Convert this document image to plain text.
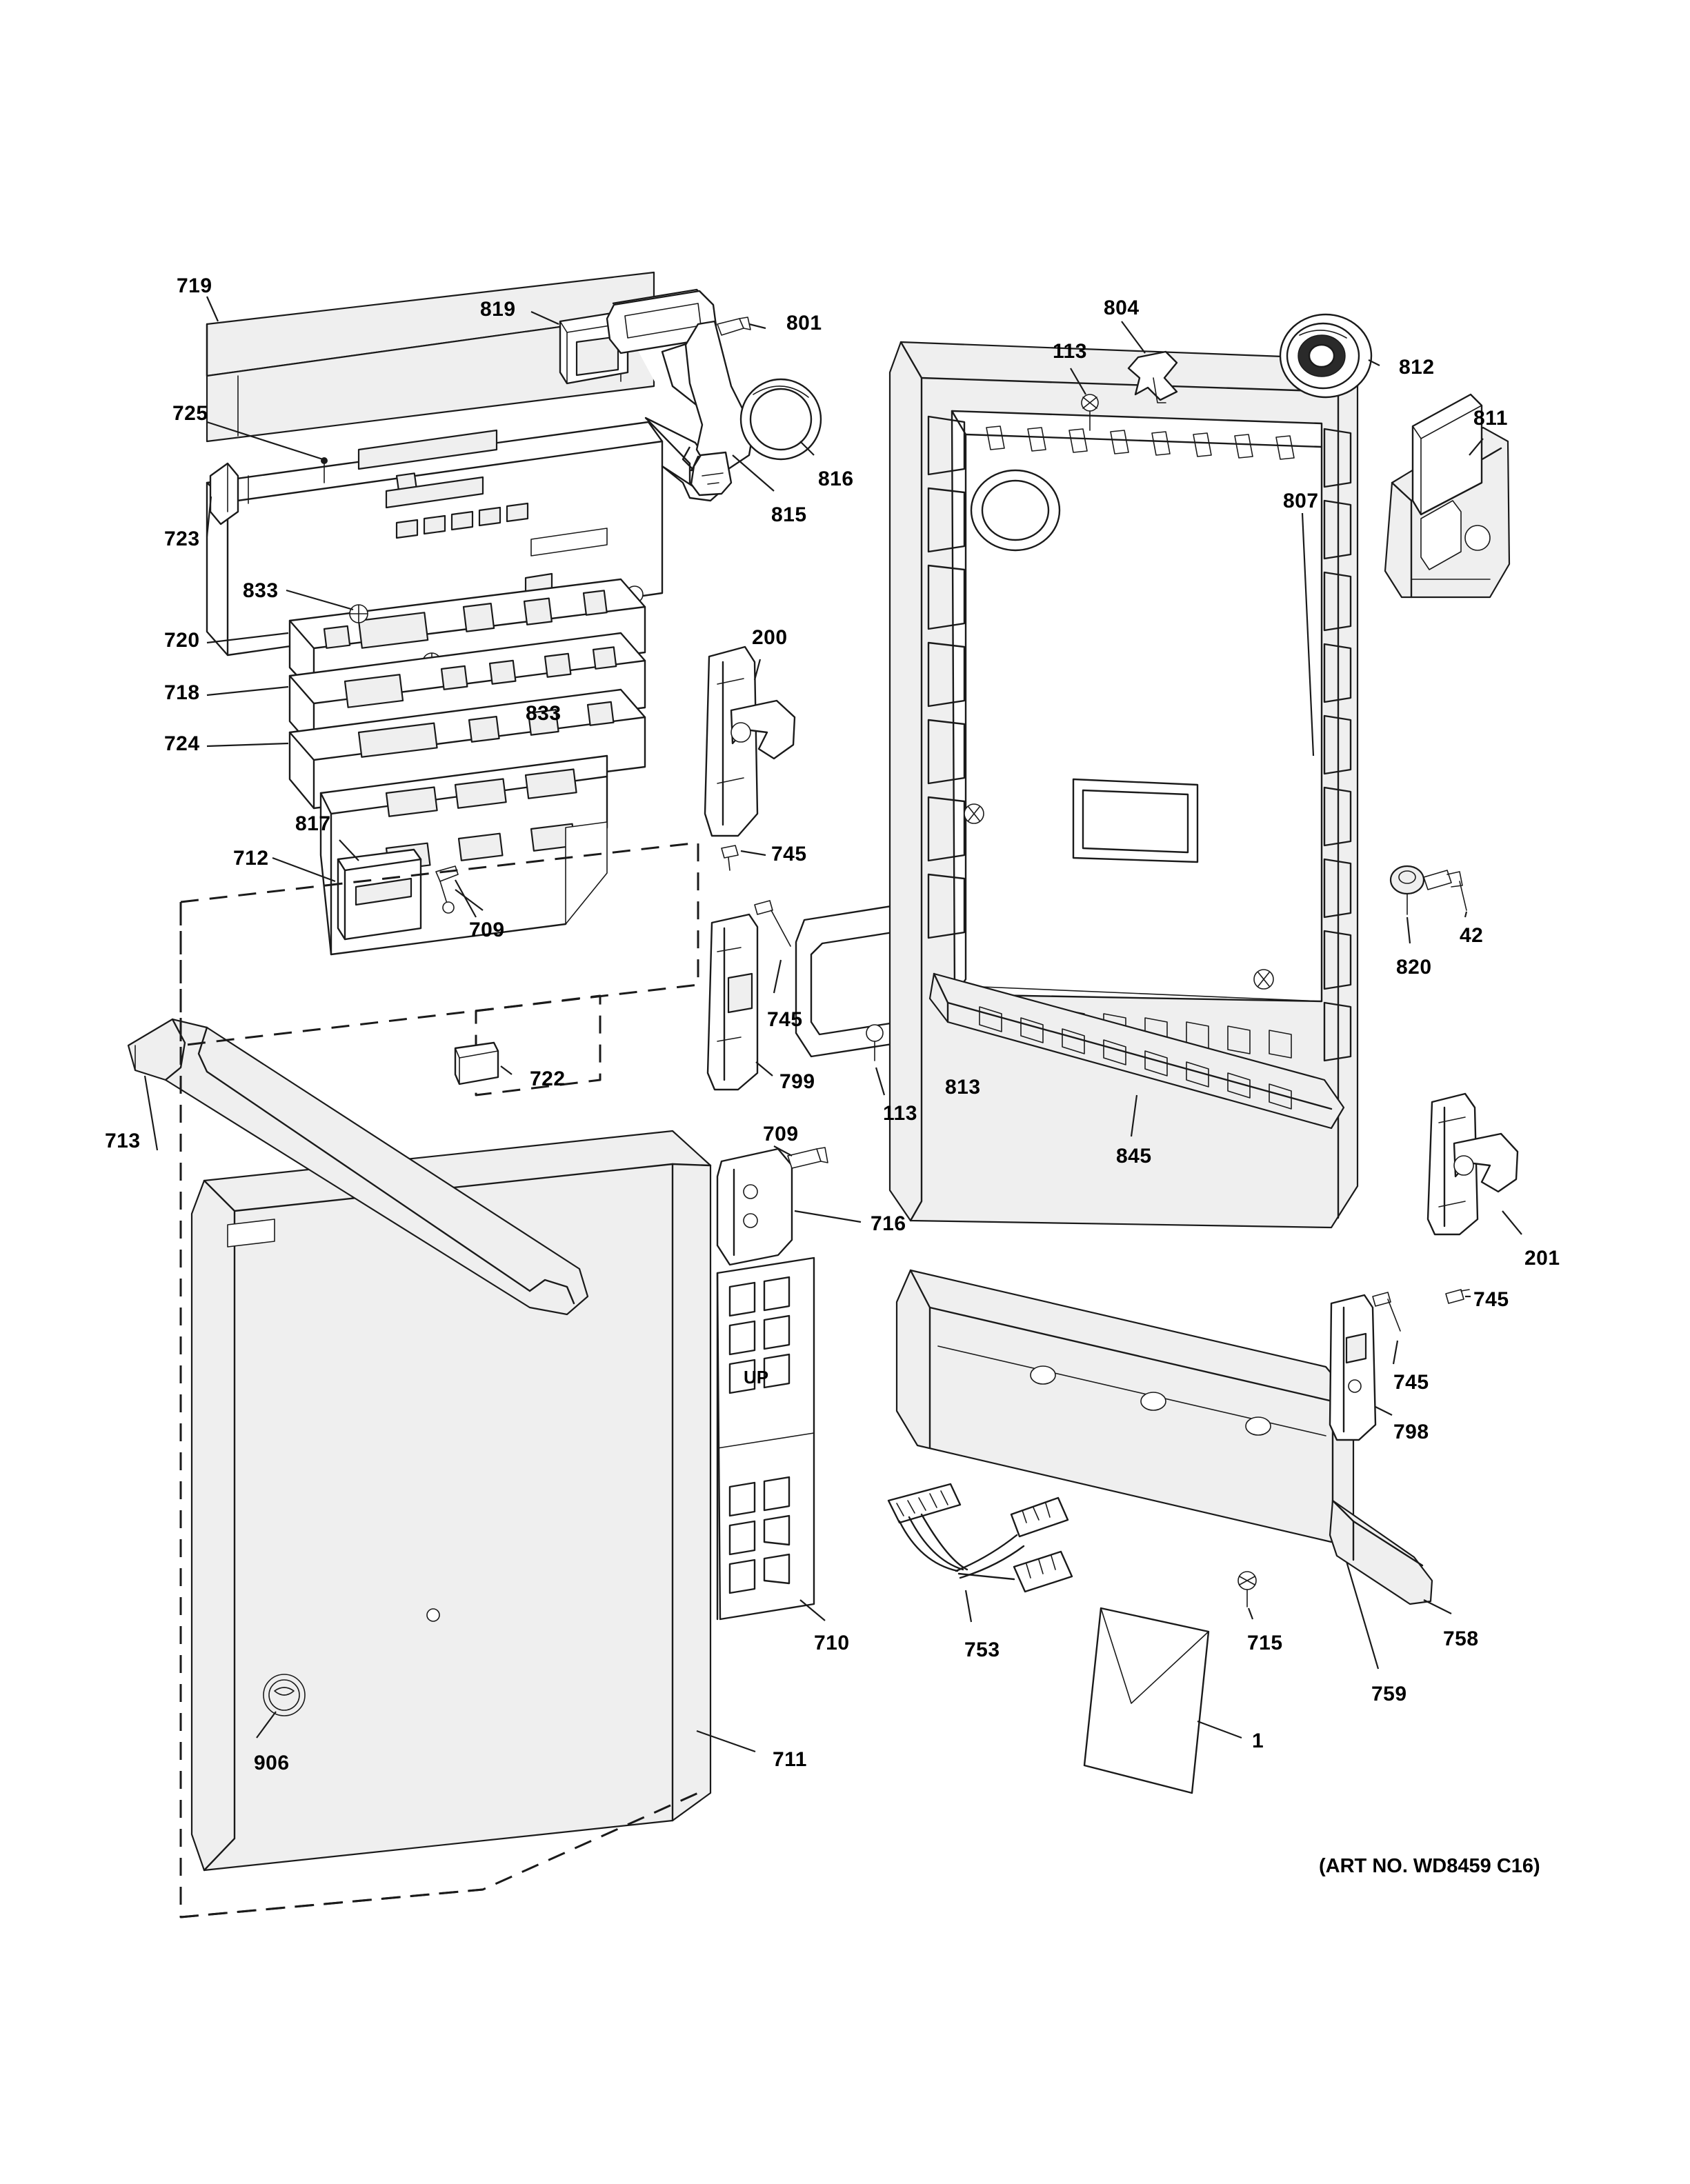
719
725
723
833
720
718
724
833
817
712
709
722
713
906	711
819
801
816
815
200
745
745
799
113
813
709
716
710	753	715
1
759
758
798
745
745
201
820
42
845
807
113
804
812
811
UP
(ART NO. WD8459 C16)
